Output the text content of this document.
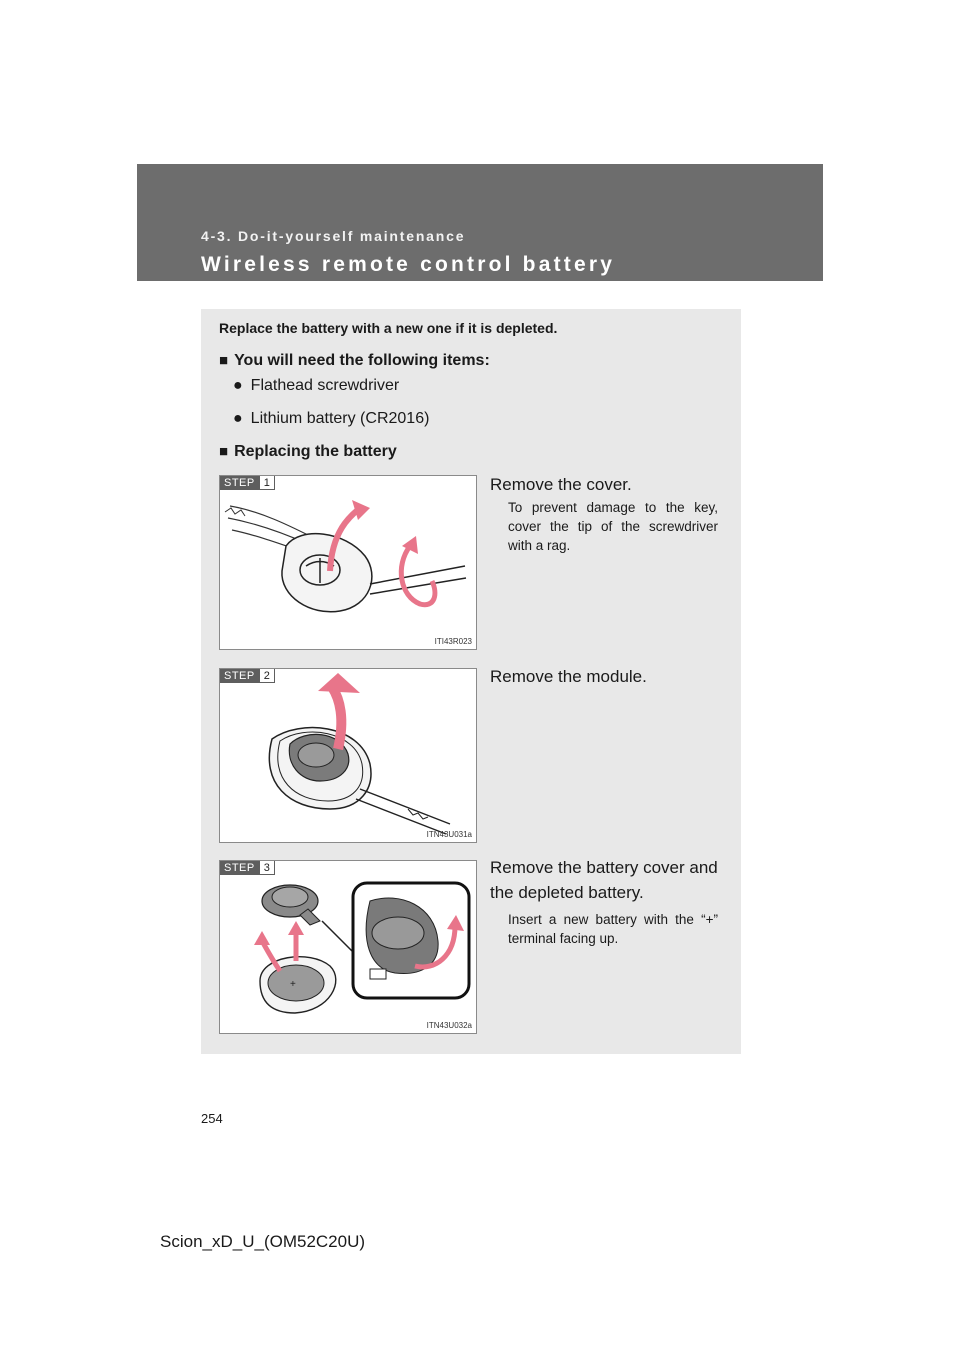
4-3. Do-it-yourself maintenance
Wireless remote control battery
Replace the battery with a new one if it is depleted.
■ You will need the following items:
● Flathead screwdriver
● Lithium battery (CR2016)
■ Replacing the battery
STEP 1
ITI43R023
Remove the cover.
To prevent damage to the key, cover the tip of the screwdriver with a rag.
STEP 2
ITN43U031a
Remove the module.
+
STEP 3
ITN43U032a
Remove the battery cover and the depleted battery.
Insert a new battery with the “+” terminal facing up.
254
Scion_xD_U_(OM52C20U)
